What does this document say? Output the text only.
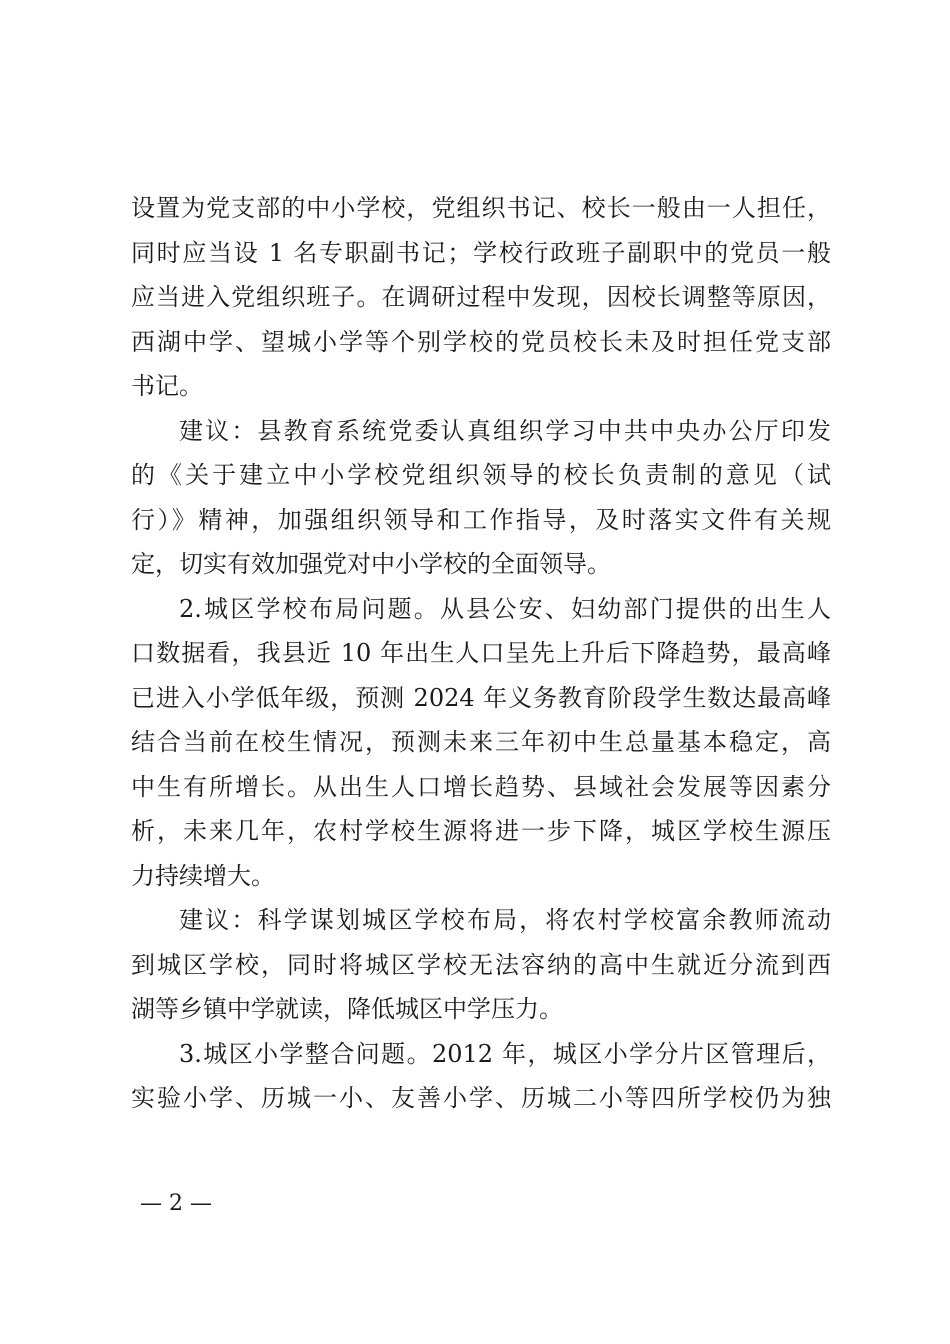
设置为党支部的中小学校，党组织书记、校长一般由一人担任，
同时应当设 1 名专职副书记；学校行政班子副职中的党员一般
应当进入党组织班子。在调研过程中发现，因校长调整等原因，
西湖中学、望城小学等个别学校的党员校长未及时担任党支部
书记。
建议：县教育系统党委认真组织学习中共中央办公厅印发
的《关于建立中小学校党组织领导的校长负责制的意见（试
行）》精神，加强组织领导和工作指导，及时落实文件有关规
定，切实有效加强党对中小学校的全面领导。
2.城区学校布局问题。从县公安、妇幼部门提供的出生人
口数据看，我县近 10 年出生人口呈先上升后下降趋势，最高峰
已进入小学低年级，预测 2024 年义务教育阶段学生数达最高峰
结合当前在校生情况，预测未来三年初中生总量基本稳定，高
中生有所增长。从出生人口增长趋势、县域社会发展等因素分
析，未来几年，农村学校生源将进一步下降，城区学校生源压
力持续增大。
建议：科学谋划城区学校布局，将农村学校富余教师流动
到城区学校，同时将城区学校无法容纳的高中生就近分流到西
湖等乡镇中学就读，降低城区中学压力。
3.城区小学整合问题。2012 年，城区小学分片区管理后，
实验小学、历城一小、友善小学、历城二小等四所学校仍为独
— 2 —
